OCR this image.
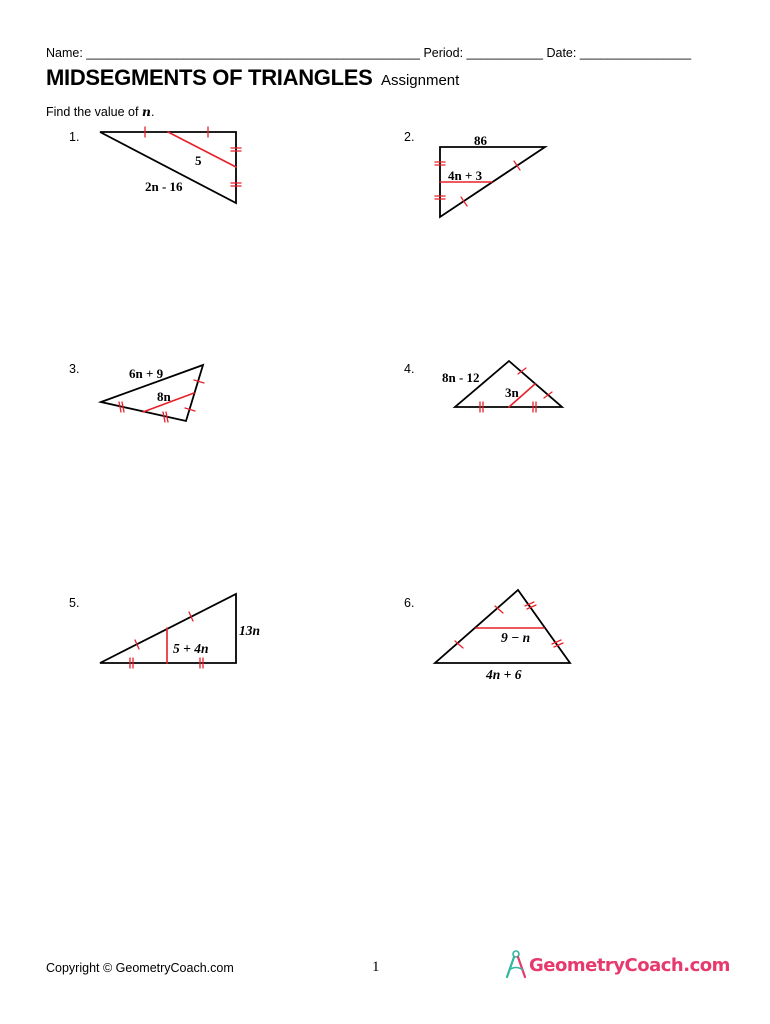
Name: ________________________________________________ Period: ___________ Date: ________________
MIDSEGMENTS OF TRIANGLES Assignment
Find the value of n.
1.	2.
3.	4.
5.	6.
5
2n - 16
86
4n + 3
6n + 9
8n
8n - 12
3n
13n
5 + 4n
9 − n
4n + 6
Copyright © GeometryCoach.com	1	GeometryCoach.com
